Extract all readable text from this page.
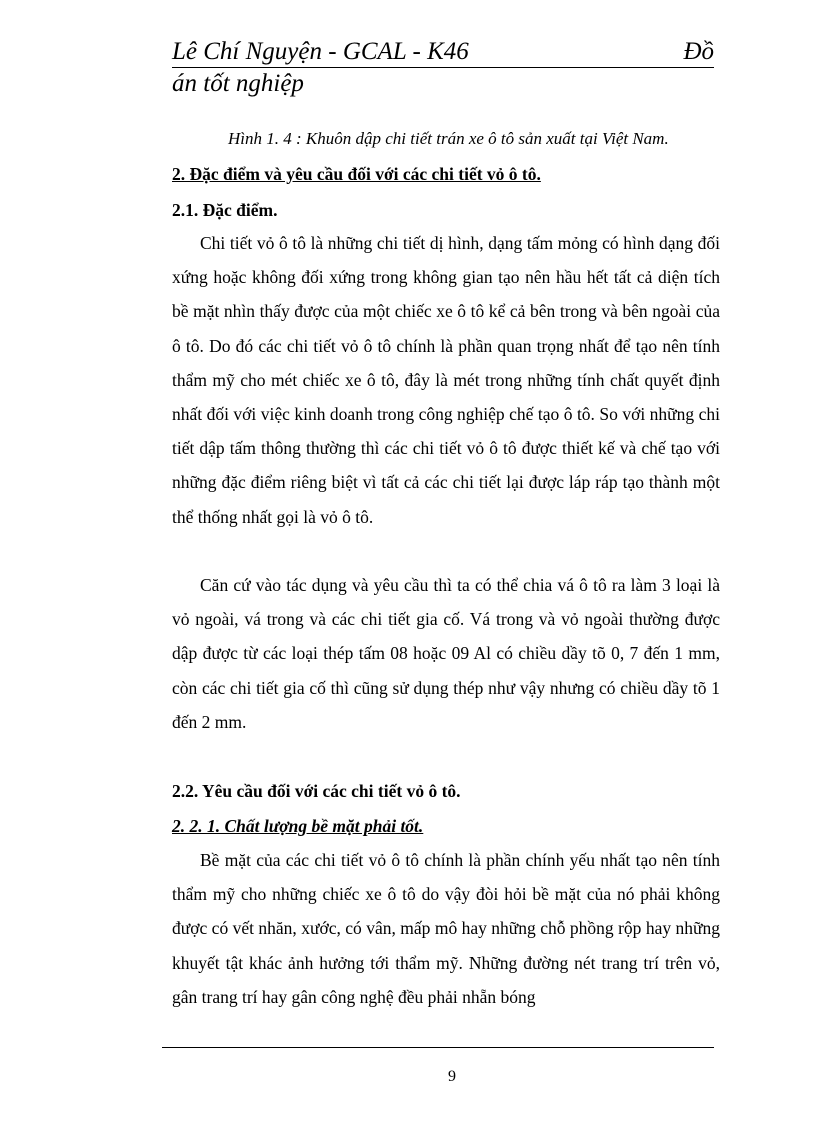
Lê Chí Nguyện - GCAL - K46	Đồ
án tốt nghiệp
Hình 1. 4 : Khuôn dập chi tiết trán xe ô tô sản xuất tại Việt Nam.
2. Đặc điểm và yêu cầu đối với các chi tiết vỏ ô tô.
2.1. Đặc điểm.

Chi tiết vỏ ô tô là những chi tiết dị hình, dạng tấm mỏng có hình dạng đối xứng hoặc không đối xứng trong không gian tạo nên hầu hết tất cả diện tích bề mặt nhìn thấy được của một chiếc xe ô tô kể cả bên trong và bên ngoài của ô tô. Do đó các chi tiết vỏ ô tô chính là phần quan trọng nhất để tạo nên tính thẩm mỹ cho mét chiếc xe ô tô, đây là mét trong những tính chất quyết định nhất đối với việc kinh doanh trong công nghiệp chế tạo ô tô. So với những chi tiết dập tấm thông thường thì các chi tiết vỏ ô tô được thiết kế và chế tạo với những đặc điểm riêng biệt vì tất cả các chi tiết lại được láp ráp tạo thành một thể thống nhất gọi là vỏ ô tô.

Căn cứ vào tác dụng và yêu cầu thì ta có thể chia vá ô tô ra làm 3 loại là vỏ ngoài, vá trong và các chi tiết gia cố. Vá trong và vỏ ngoài thường được dập được từ các loại thép tấm 08 hoặc 09 Al có chiều dầy tõ 0, 7 đến 1 mm, còn các chi tiết gia cố thì cũng sử dụng thép như vậy nhưng có chiều dầy tõ 1 đến 2 mm.

2.2. Yêu cầu đối với các chi tiết vỏ ô tô.
2. 2. 1. Chất lượng bề mặt phải tốt.

Bề mặt của các chi tiết vỏ ô tô chính là phần chính yếu nhất tạo nên tính thẩm mỹ cho những chiếc xe ô tô do vậy đòi hỏi bề mặt của nó phải không được có vết nhăn, xước, có vân, mấp mô hay những chỗ phồng rộp hay những khuyết tật khác ảnh hưởng tới thẩm mỹ. Những đường nét trang trí trên vỏ, gân trang trí hay gân công nghệ đều phải nhẵn bóng

9
